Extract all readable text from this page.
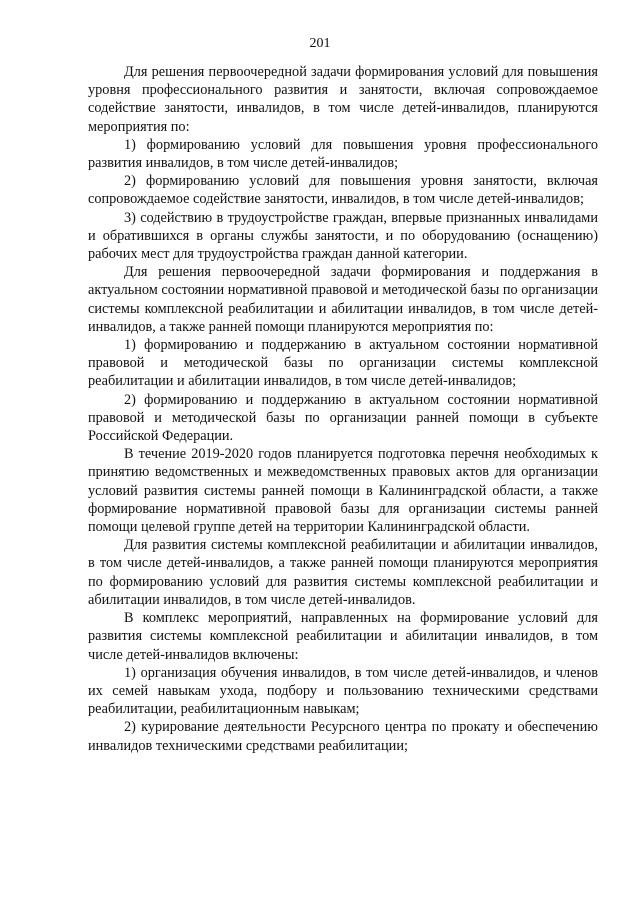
201

Для решения первоочередной задачи формирования условий для повышения уровня профессионального развития и занятости, включая сопровождаемое содействие занятости, инвалидов, в том числе детей-инвалидов, планируются мероприятия по:

1) формированию условий для повышения уровня профессионального развития инвалидов, в том числе детей-инвалидов;

2) формированию условий для повышения уровня занятости, включая сопровождаемое содействие занятости, инвалидов, в том числе детей-инвалидов;

3) содействию в трудоустройстве граждан, впервые признанных инвалидами и обратившихся в органы службы занятости, и по оборудованию (оснащению) рабочих мест для трудоустройства граждан данной категории.

Для решения первоочередной задачи формирования и поддержания в актуальном состоянии нормативной правовой и методической базы по организации системы комплексной реабилитации и абилитации инвалидов, в том числе детей-инвалидов, а также ранней помощи планируются мероприятия по:

1) формированию и поддержанию в актуальном состоянии нормативной правовой и методической базы по организации системы комплексной реабилитации и абилитации инвалидов, в том числе детей-инвалидов;

2) формированию и поддержанию в актуальном состоянии нормативной правовой и методической базы по организации ранней помощи в субъекте Российской Федерации.

В течение 2019-2020 годов планируется подготовка перечня необходимых к принятию ведомственных и межведомственных правовых актов для организации условий развития системы ранней помощи в Калининградской области, а также формирование нормативной правовой базы для организации системы ранней помощи целевой группе детей на территории Калининградской области.

Для развития системы комплексной реабилитации и абилитации инвалидов, в том числе детей-инвалидов, а также ранней помощи планируются мероприятия по формированию условий для развития системы комплексной реабилитации и абилитации инвалидов, в том числе детей-инвалидов.

В комплекс мероприятий, направленных на формирование условий для развития системы комплексной реабилитации и абилитации инвалидов, в том числе детей-инвалидов включены:

1) организация обучения инвалидов, в том числе детей-инвалидов, и членов их семей навыкам ухода, подбору и пользованию техническими средствами реабилитации, реабилитационным навыкам;

2) курирование деятельности Ресурсного центра по прокату и обеспечению инвалидов техническими средствами реабилитации;
